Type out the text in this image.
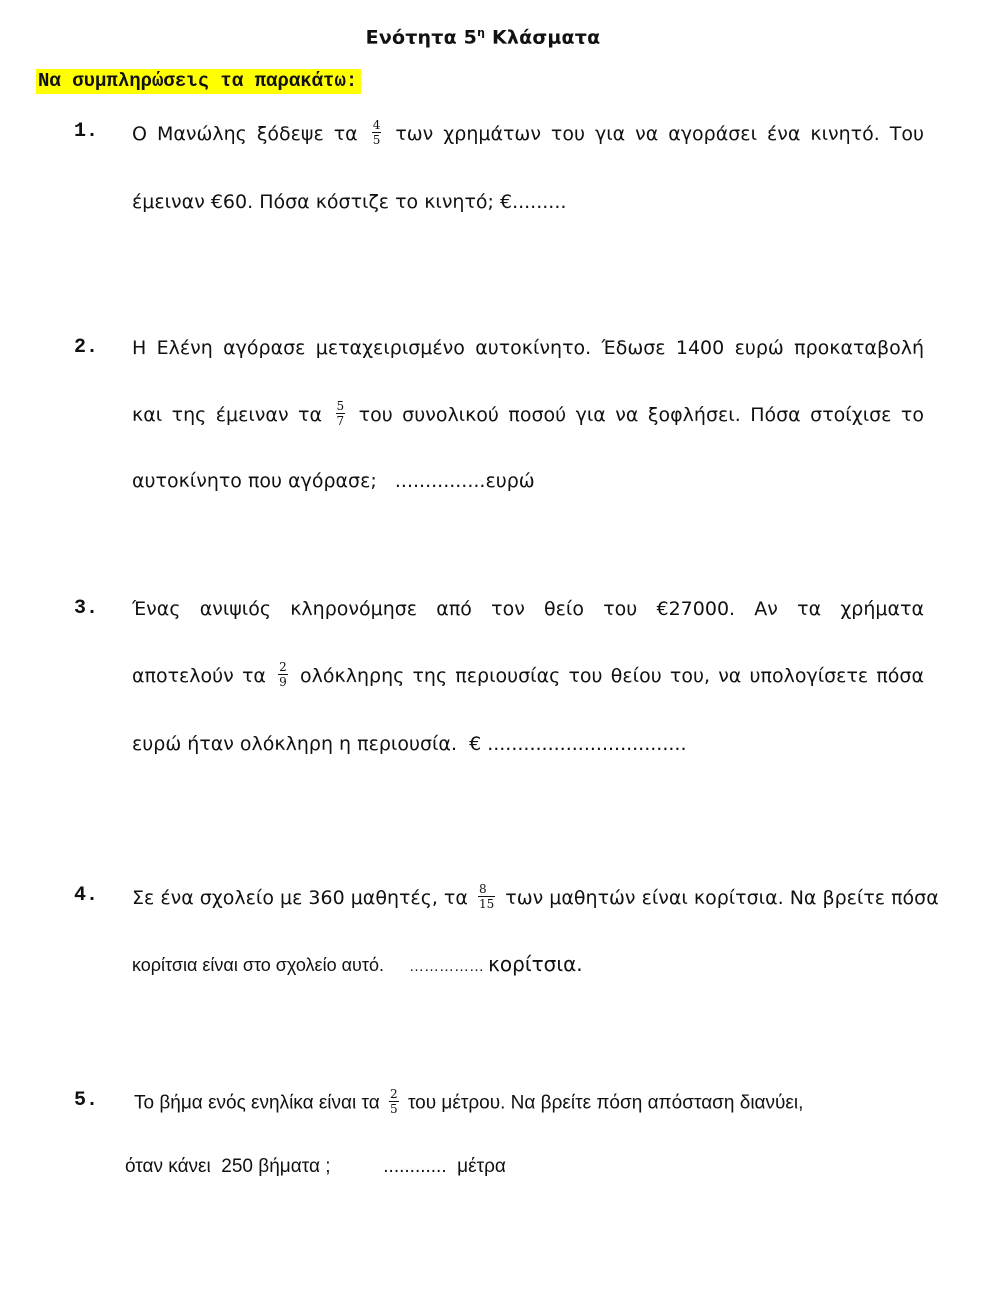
Ενότητα $5^\eta$ Κλάσματα
Να συμπληρώσεις τα παρακάτω:
1. Ο Μανώλης ξόδεψε τα $\frac{4}{5}$ των χρημάτων του για να αγοράσει ένα κινητό. Του
έμειναν €60. Πόσα κόστιζε το κινητό; €.........
2. Η Ελένη αγόρασε μεταχειρισμένο αυτοκίνητο. Έδωσε 1400 ευρώ προκαταβολή
και της έμειναν τα $\frac{5}{7}$ του συνολικού ποσού για να ξοφλήσει. Πόσα στοίχισε το
αυτοκίνητο που αγόρασε;   ...............ευρώ
3. Ένας ανιψιός κληρονόμησε από τον θείο του €27000. Αν τα χρήματα
αποτελούν τα $\frac{2}{9}$ ολόκληρης της περιουσίας του θείου του, να υπολογίσετε πόσα
ευρώ ήταν ολόκληρη η περιουσία.  € .................................
4. Σε ένα σχολείο με 360 μαθητές, τα $\frac{8}{15}$ των μαθητών είναι κορίτσια. Να βρείτε πόσα
κορίτσια είναι στο σχολείο αυτό.     …………… κορίτσια.
5. Το βήμα ενός ενηλίκα είναι τα $\frac{2}{5}$ του μέτρου. Να βρείτε πόση απόσταση διανύει,
όταν κάνει  250 βήματα ;          ............  μέτρα
